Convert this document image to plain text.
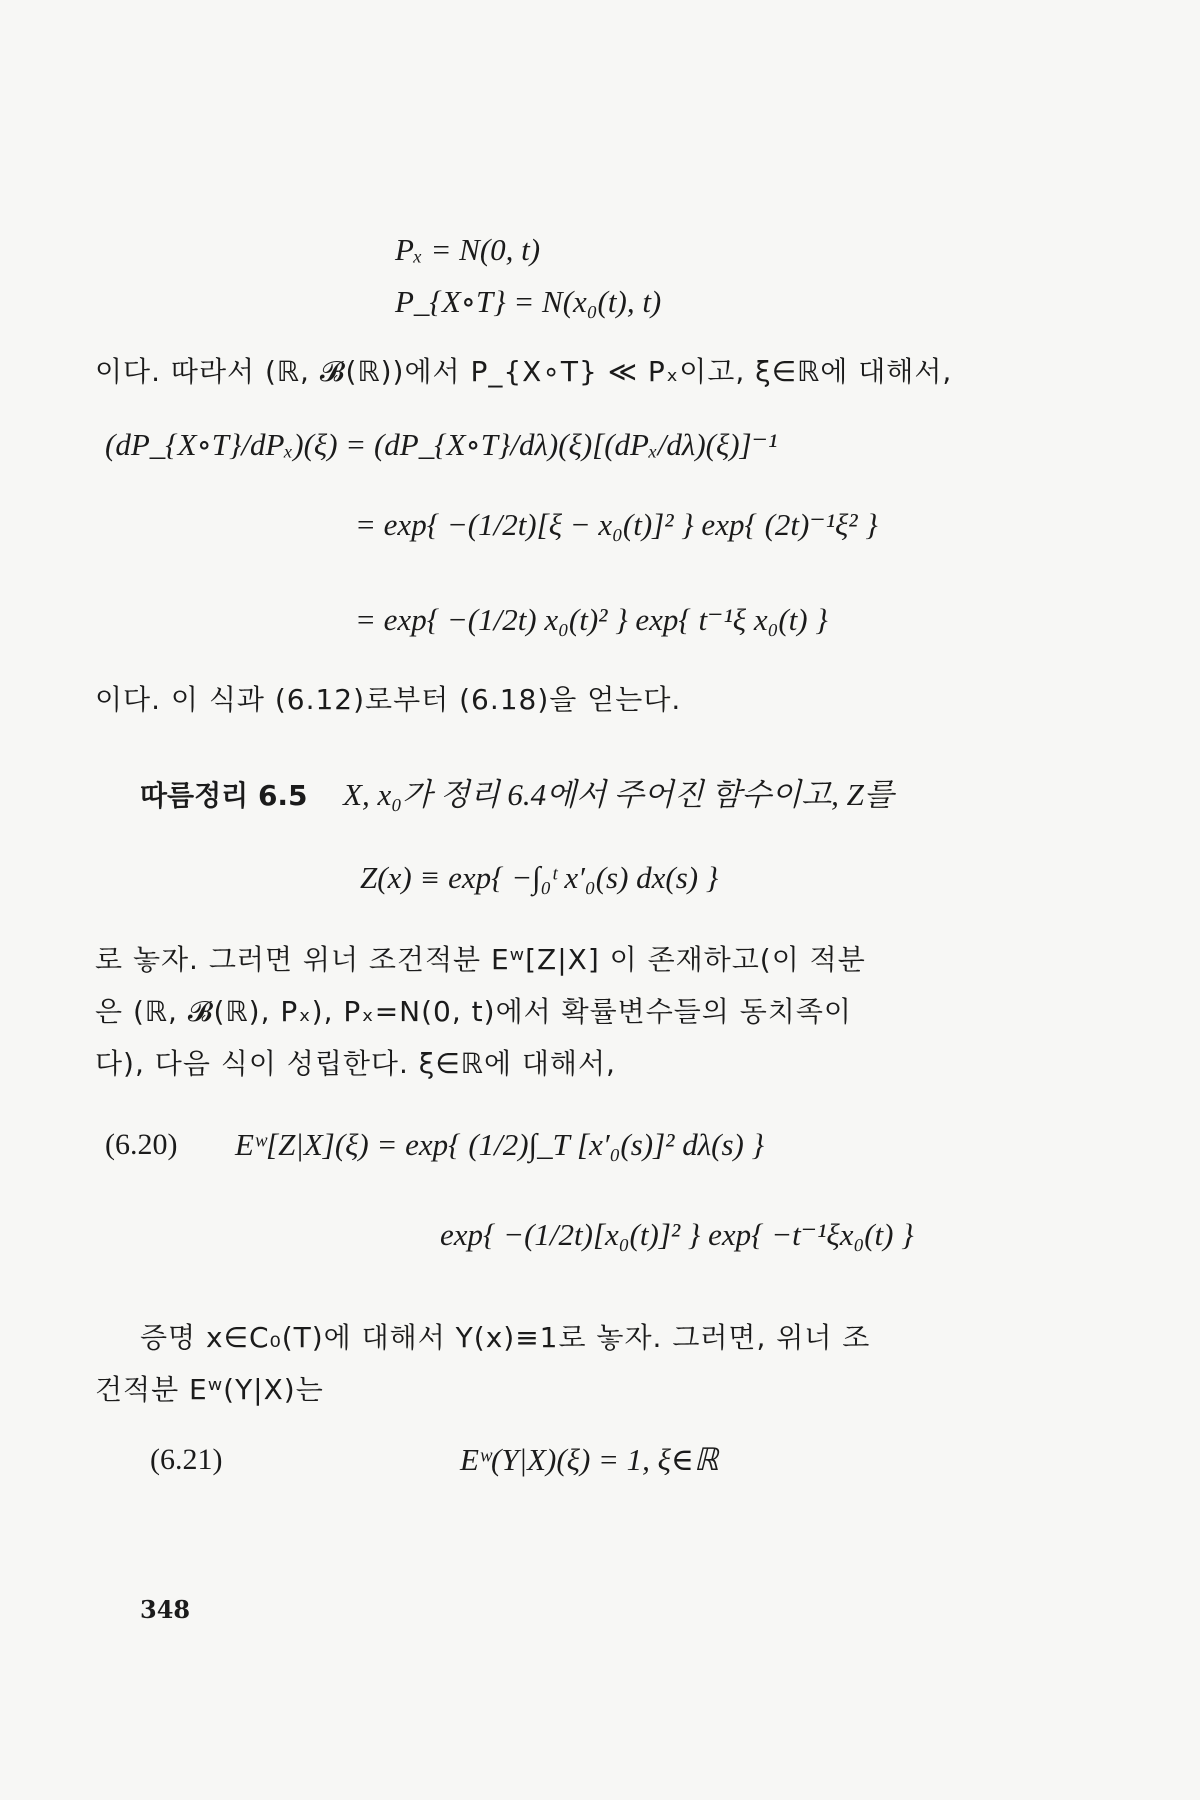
Pₓ = N(0, t)
P_{X∘T} = N(x₀(t), t)
이다. 따라서 (ℝ, 𝓑(ℝ))에서 P_{X∘T} ≪ Pₓ이고, ξ∈ℝ에 대해서,
(dP_{X∘T}/dPₓ)(ξ) = (dP_{X∘T}/dλ)(ξ)[(dPₓ/dλ)(ξ)]⁻¹
= exp{ −(1/2t)[ξ − x₀(t)]² } exp{ (2t)⁻¹ξ² }
= exp{ −(1/2t) x₀(t)² } exp{ t⁻¹ξ x₀(t) }
이다. 이 식과 (6.12)로부터 (6.18)을 얻는다.
따름정리 6.5 X, x₀가 정리 6.4에서 주어진 함수이고, Z를
Z(x) ≡ exp{ −∫₀ᵗ x′₀(s) dx(s) }
로 놓자. 그러면 위너 조건적분 Eʷ[Z|X] 이 존재하고(이 적분
은 (ℝ, 𝓑(ℝ), Pₓ), Pₓ=N(0, t)에서 확률변수들의 동치족이
다), 다음 식이 성립한다. ξ∈ℝ에 대해서,
(6.20) Eʷ[Z|X](ξ) = exp{ (1/2)∫_T [x′₀(s)]² dλ(s) }
exp{ −(1/2t)[x₀(t)]² } exp{ −t⁻¹ξx₀(t) }
증명 x∈C₀(T)에 대해서 Y(x)≡1로 놓자. 그러면, 위너 조
건적분 Eʷ(Y|X)는
(6.21)	Eʷ(Y|X)(ξ) = 1, ξ∈ℝ
348
